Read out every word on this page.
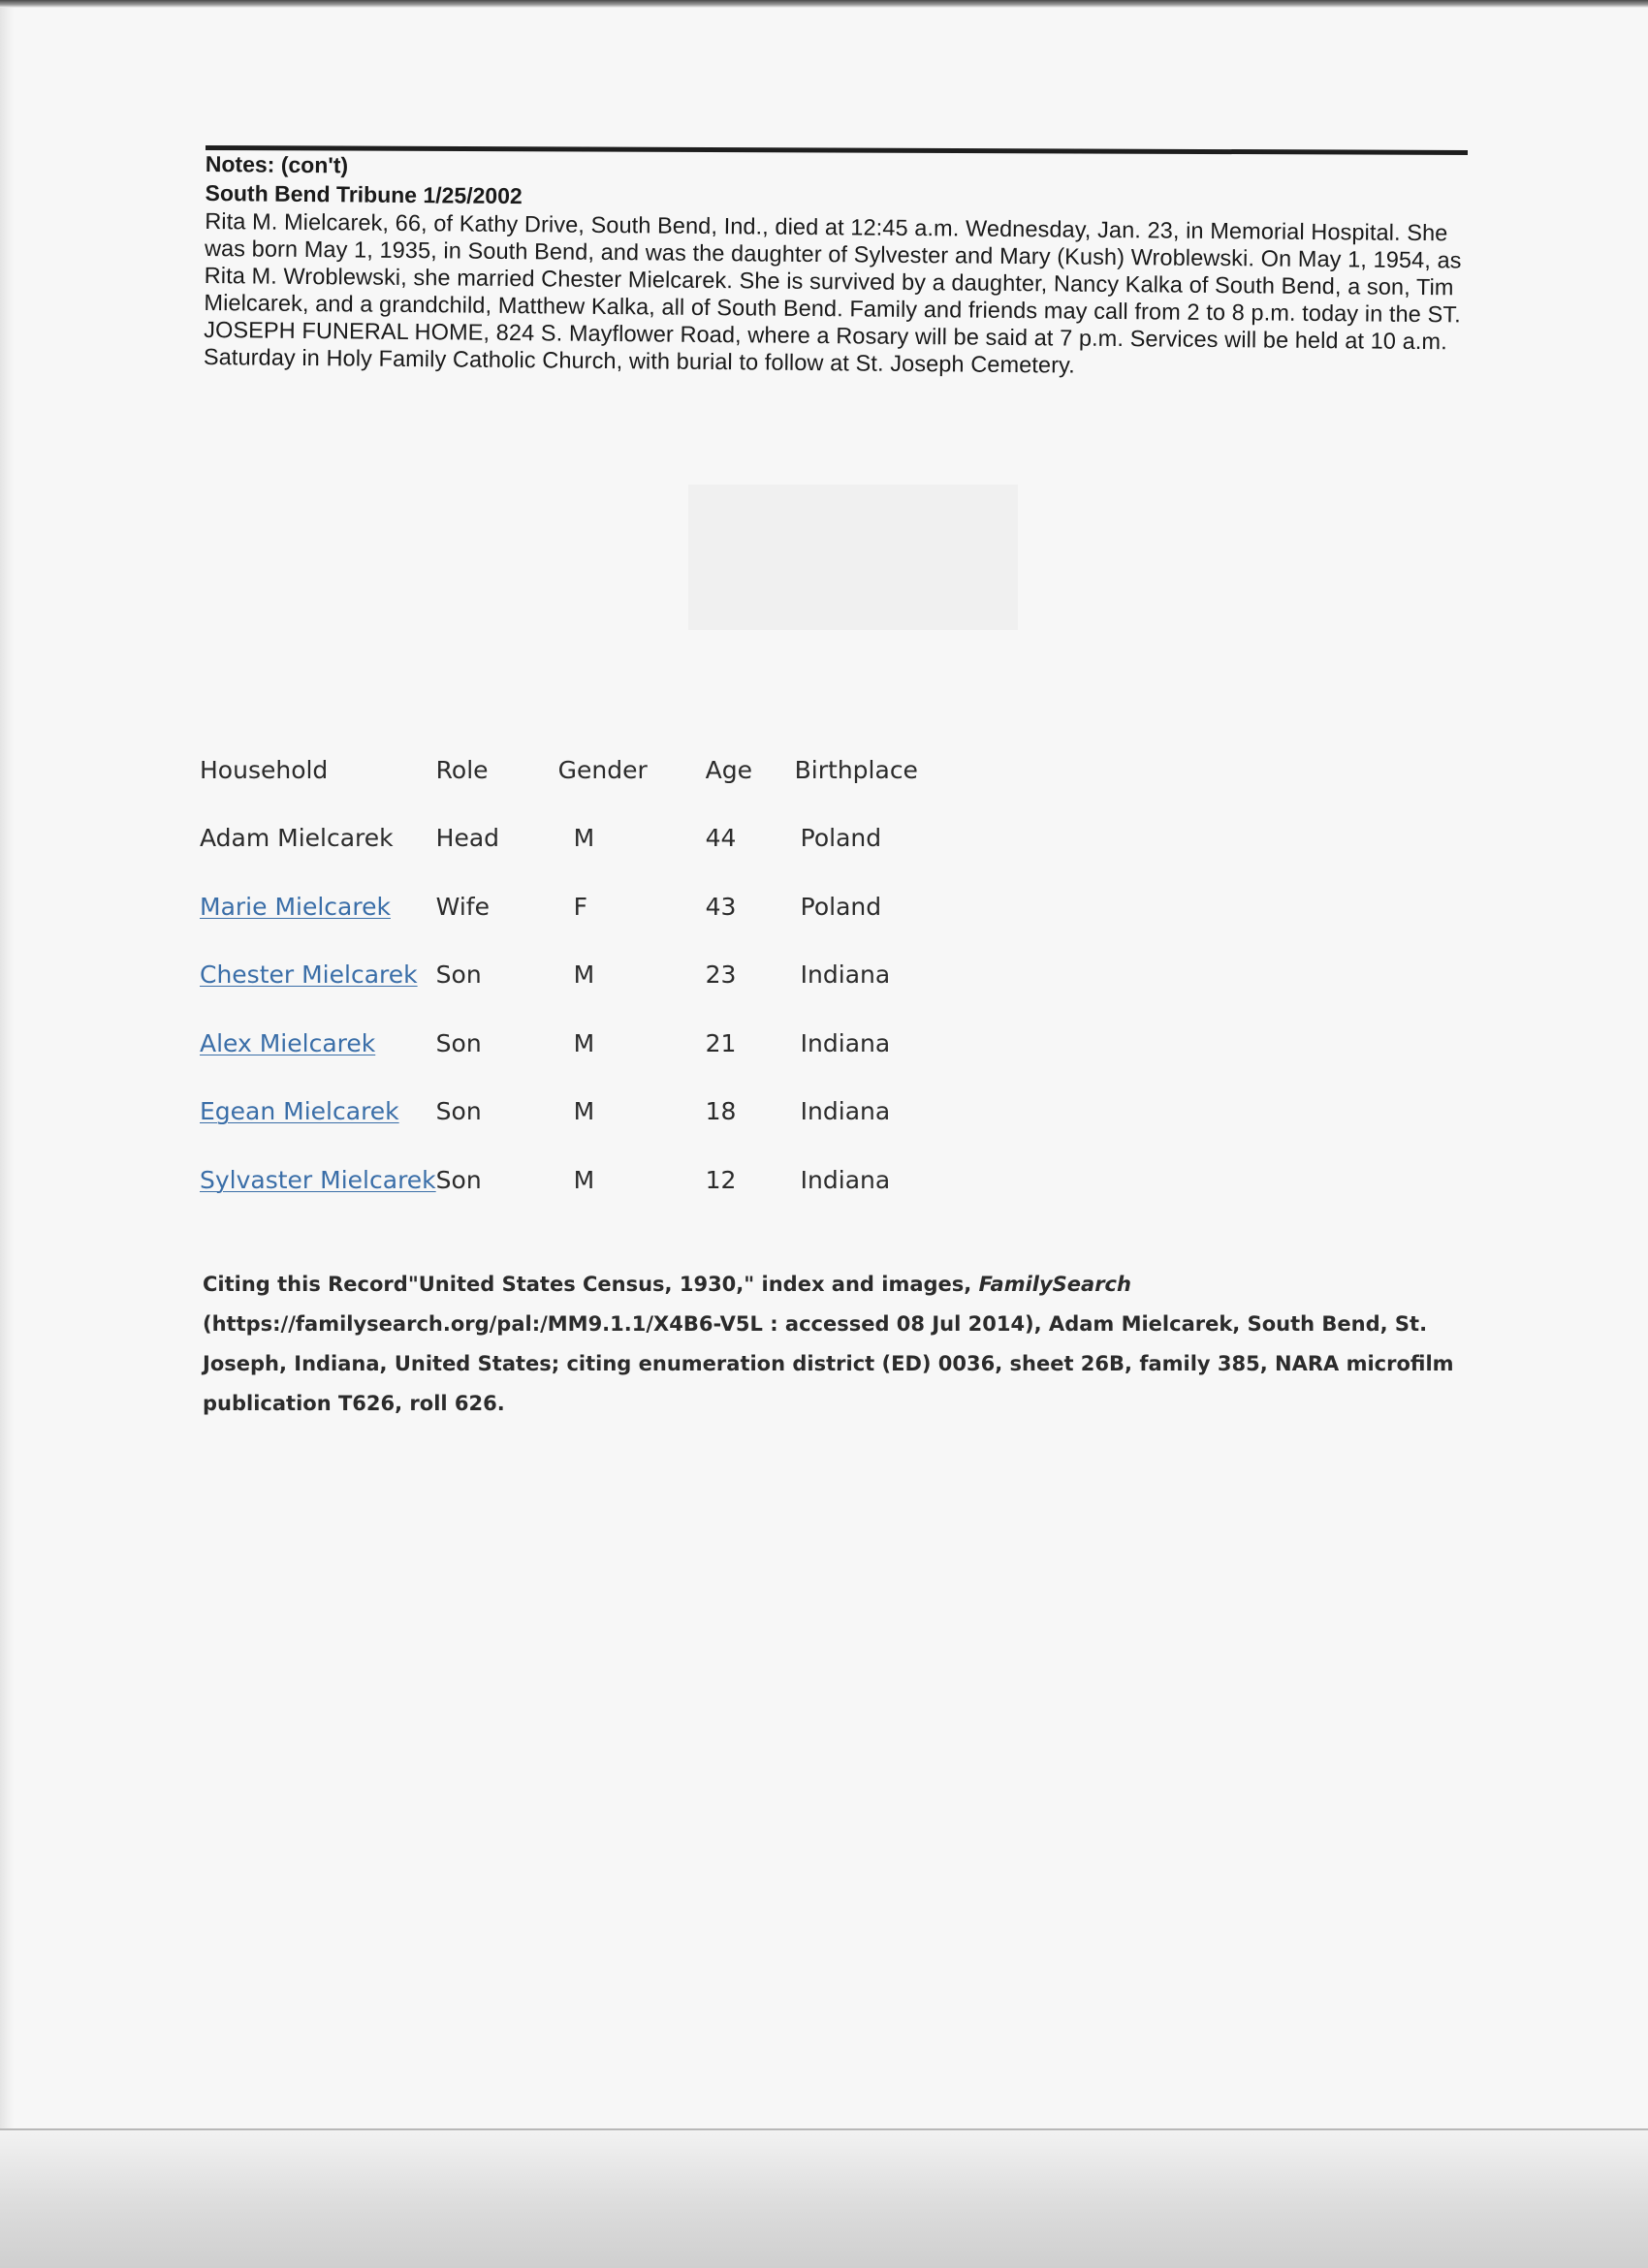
Notes: (con't)
South Bend Tribune 1/25/2002

Rita M. Mielcarek, 66, of Kathy Drive, South Bend, Ind., died at 12:45 a.m. Wednesday, Jan. 23, in Memorial Hospital. She was born May 1, 1935, in South Bend, and was the daughter of Sylvester and Mary (Kush) Wroblewski. On May 1, 1954, as Rita M. Wroblewski, she married Chester Mielcarek. She is survived by a daughter, Nancy Kalka of South Bend, a son, Tim Mielcarek, and a grandchild, Matthew Kalka, all of South Bend. Family and friends may call from 2 to 8 p.m. today in the ST. JOSEPH FUNERAL HOME, 824 S. Mayflower Road, where a Rosary will be said at 7 p.m. Services will be held at 10 a.m. Saturday in Holy Family Catholic Church, with burial to follow at St. Joseph Cemetery.

Household	Role	Gender	Age	Birthplace
Adam Mielcarek	Head	M	44	Poland
Marie Mielcarek	Wife	F	43	Poland
Chester Mielcarek	Son	M	23	Indiana
Alex Mielcarek	Son	M	21	Indiana
Egean Mielcarek	Son	M	18	Indiana
Sylvaster Mielcarek	Son	M	12	Indiana

Citing this Record"United States Census, 1930," index and images, FamilySearch (https://familysearch.org/pal:/MM9.1.1/X4B6-V5L : accessed 08 Jul 2014), Adam Mielcarek, South Bend, St. Joseph, Indiana, United States; citing enumeration district (ED) 0036, sheet 26B, family 385, NARA microfilm publication T626, roll 626.
